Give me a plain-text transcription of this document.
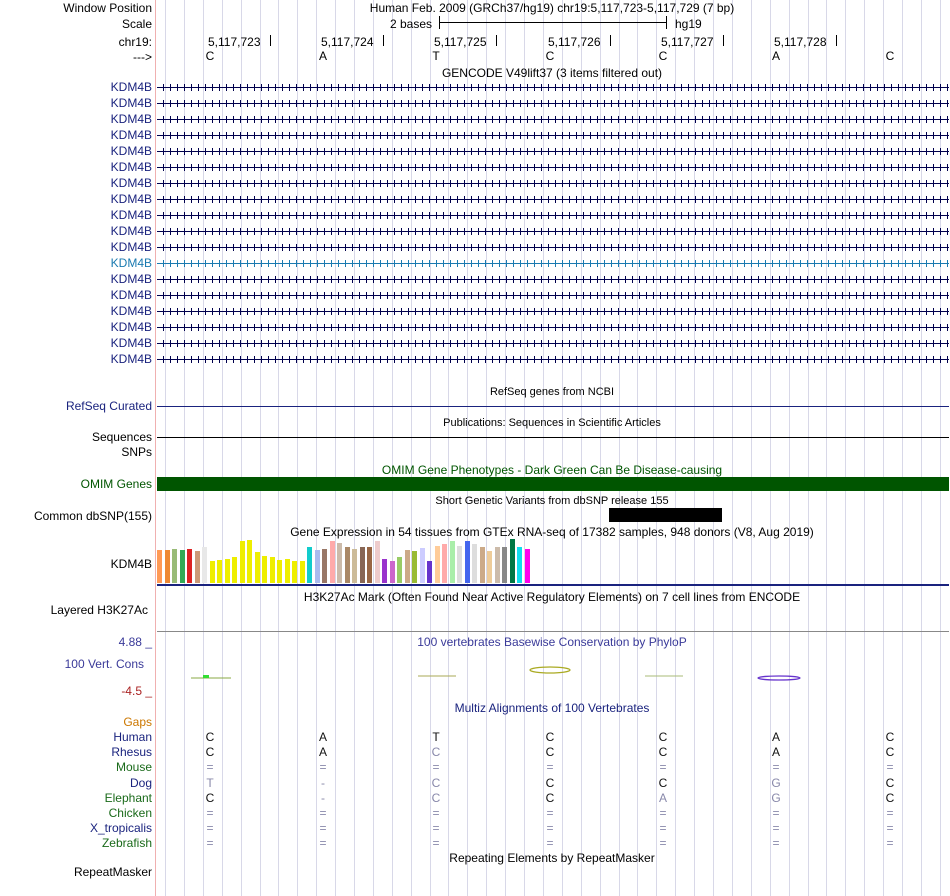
Window Position	Human Feb. 2009 (GRCh37/hg19) chr19:5,117,723-5,117,729 (7 bp)
Scale	2 bases	hg19
chr19:	5,117,723	5,117,724	5,117,725	5,117,726	5,117,727	5,117,728
--->	C	A	T	C	C	A	C
GENCODE V49lift37 (3 items filtered out)
KDM4B
KDM4B
KDM4B
KDM4B
KDM4B
KDM4B
KDM4B
KDM4B
KDM4B
KDM4B
KDM4B
KDM4B
KDM4B
KDM4B
KDM4B
KDM4B
KDM4B
KDM4B
RefSeq genes from NCBI
RefSeq Curated
Publications: Sequences in Scientific Articles
Sequences
SNPs
OMIM Gene Phenotypes - Dark Green Can Be Disease-causing
OMIM Genes
Short Genetic Variants from dbSNP release 155
Common dbSNP(155)
Gene Expression in 54 tissues from GTEx RNA-seq of 17382 samples, 948 donors (V8, Aug 2019)
KDM4B
H3K27Ac Mark (Often Found Near Active Regulatory Elements) on 7 cell lines from ENCODE
Layered H3K27Ac
100 vertebrates Basewise Conservation by PhyloP
4.88 _
100 Vert. Cons
-4.5 _
Multiz Alignments of 100 Vertebrates
Gaps
Human	C	A	T	C	C	A	C
Rhesus	C	A	C	C	C	A	C
Mouse	=	=	=	=	=	=	=
Dog	T	-	C	C	C	G	C
Elephant	C	-	C	C	A	G	C
Chicken	=	=	=	=	=	=	=
X_tropicalis	=	=	=	=	=	=	=
Zebrafish	=	=	=	=	=	=	=
Repeating Elements by RepeatMasker
RepeatMasker
